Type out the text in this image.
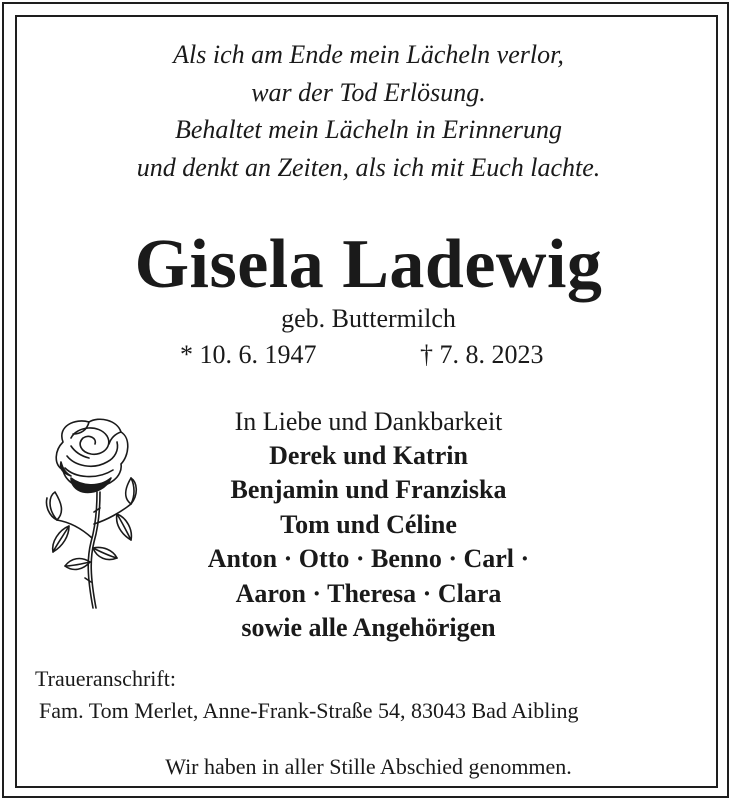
Als ich am Ende mein Lächeln verlor,
war der Tod Erlösung.
Behaltet mein Lächeln in Erinnerung
und denkt an Zeiten, als ich mit Euch lachte.
Gisela Ladewig
geb. Buttermilch
* 10. 6. 1947	† 7. 8. 2023
In Liebe und Dankbarkeit
Derek und Katrin
Benjamin und Franziska
Tom und Céline
Anton · Otto · Benno · Carl ·
Aaron · Theresa · Clara
sowie alle Angehörigen
Traueranschrift:
Fam. Tom Merlet, Anne-Frank-Straße 54, 83043 Bad Aibling
Wir haben in aller Stille Abschied genommen.
